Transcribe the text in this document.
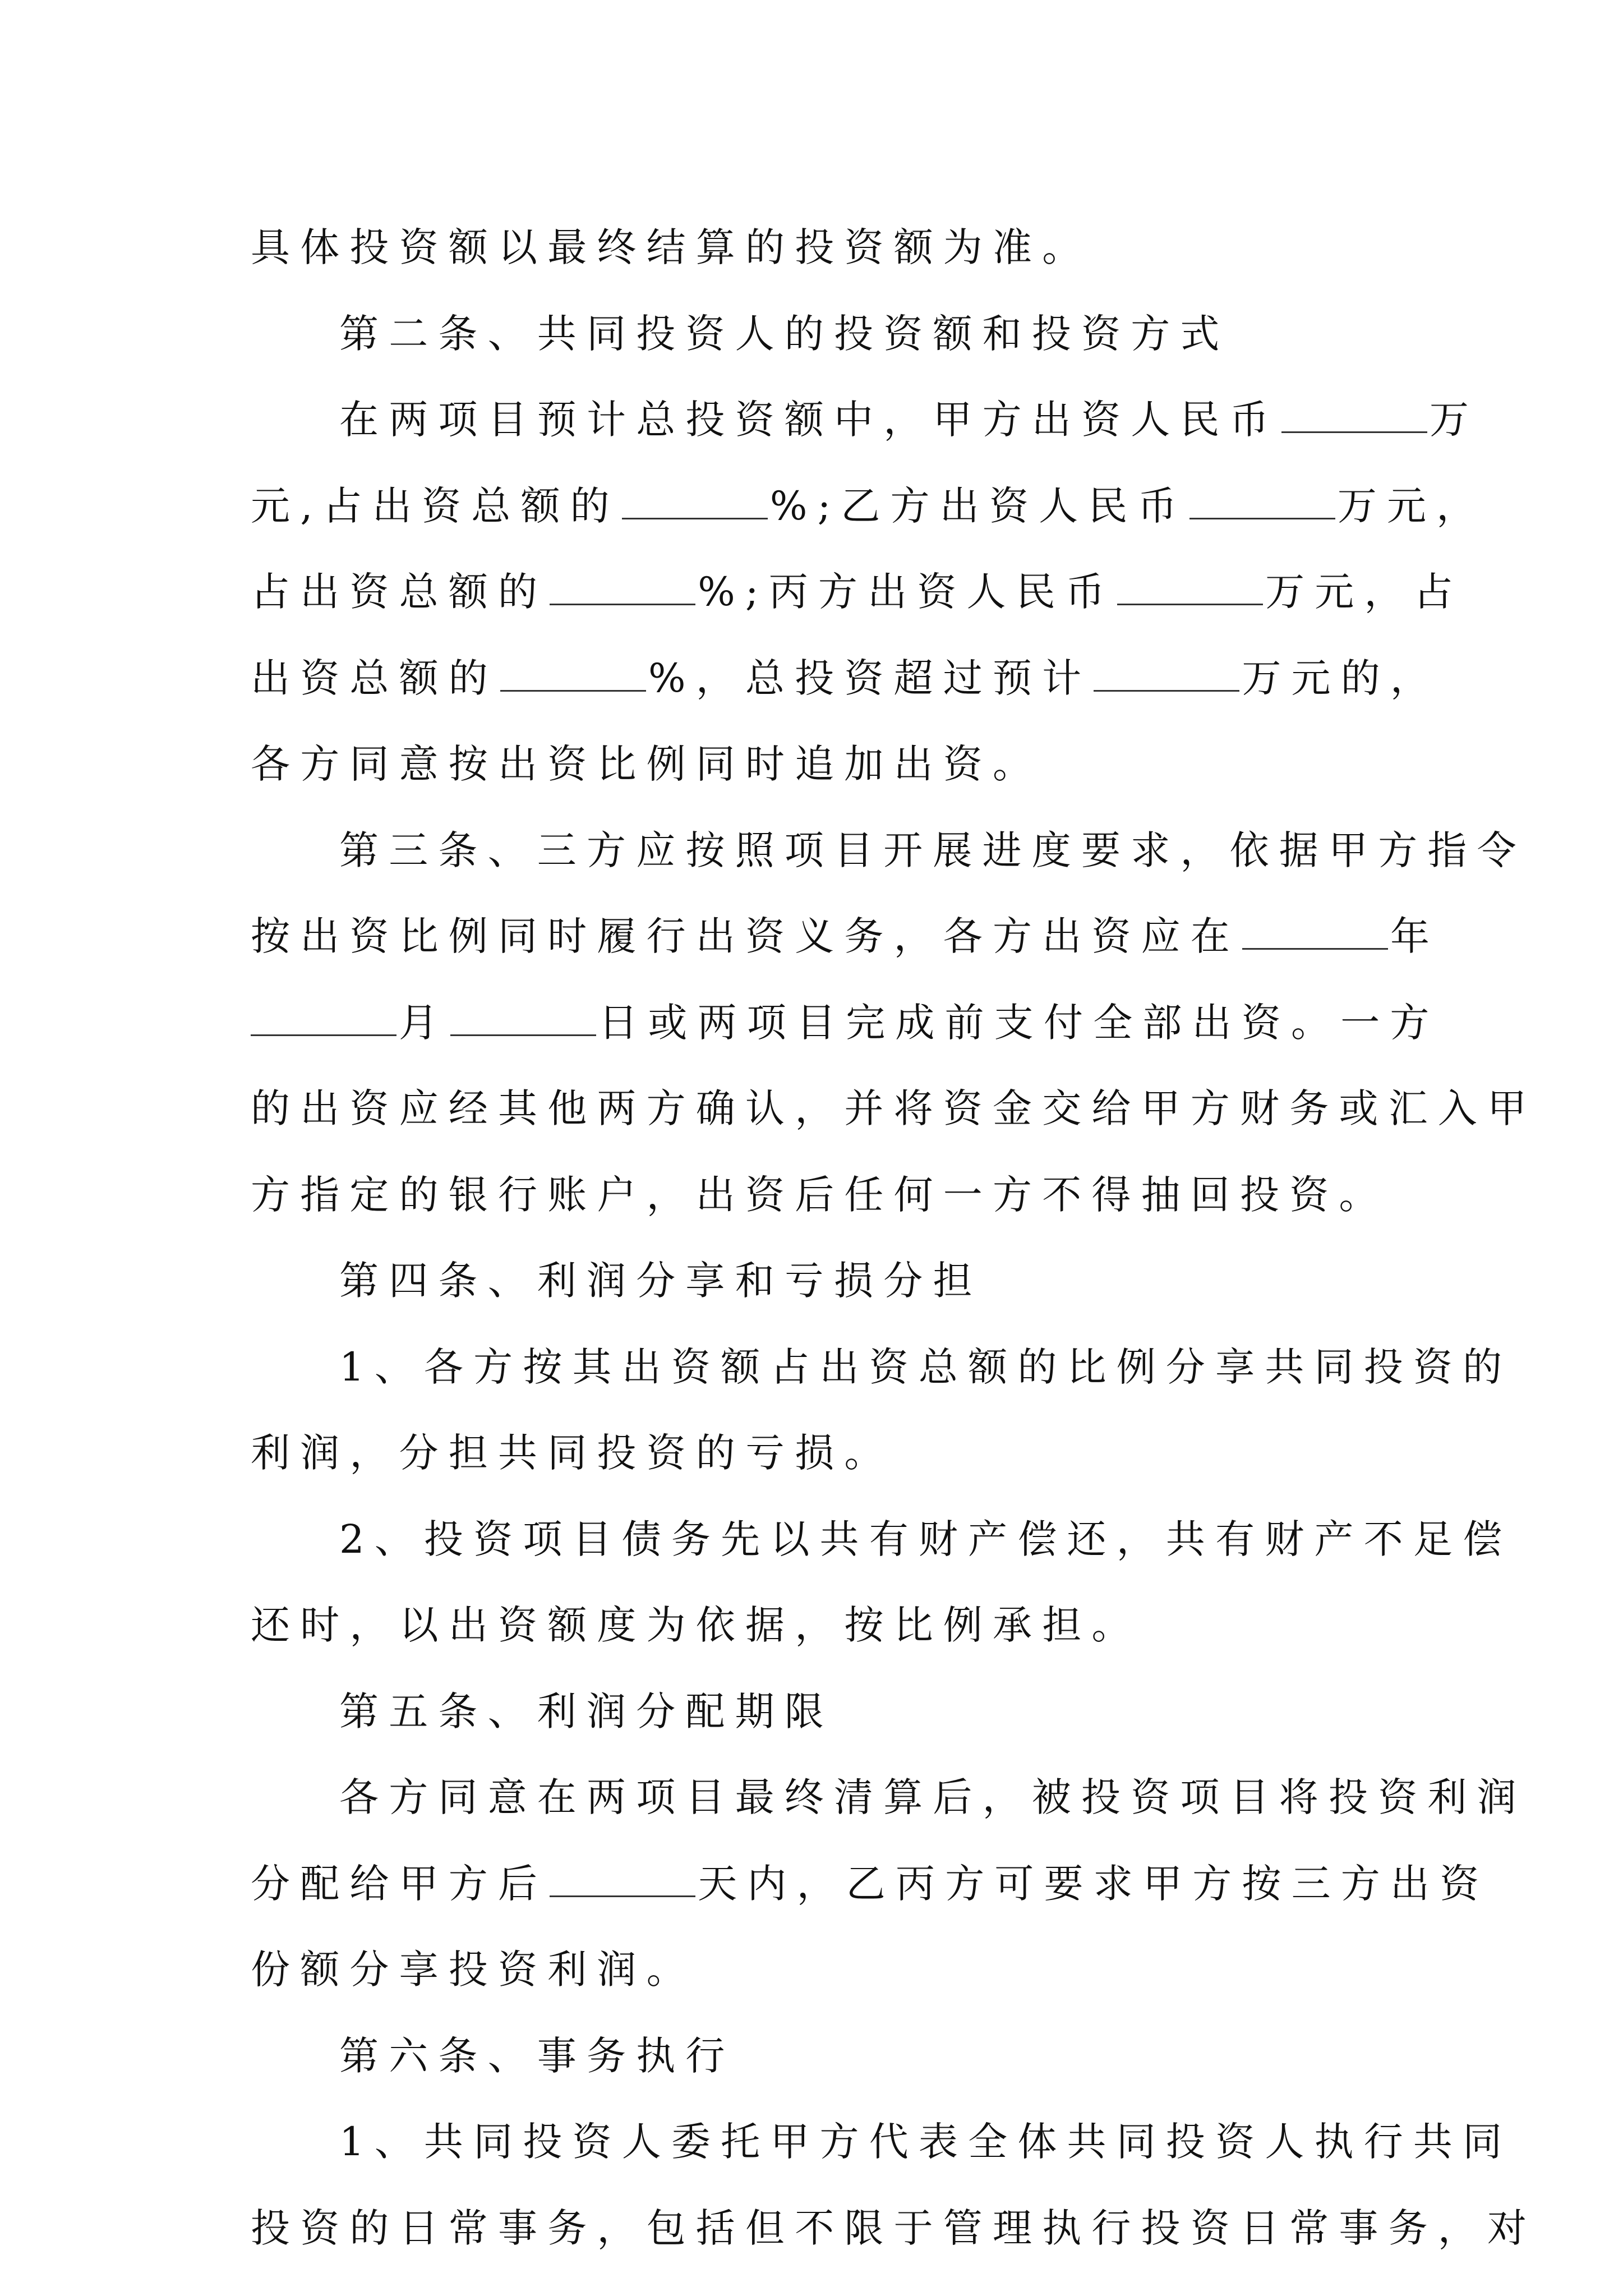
具体投资额以最终结算的投资额为准。
第二条、共同投资人的投资额和投资方式
在两项目预计总投资额中，甲方出资人民币	万
元,占出资总额的	%;乙方出资人民币	万元，
占出资总额的	%;丙方出资人民币	万元，占
出资总额的	%，总投资超过预计	万元的，
各方同意按出资比例同时追加出资。
第三条、三方应按照项目开展进度要求，依据甲方指令
按出资比例同时履行出资义务，各方出资应在	年
月	日或两项目完成前支付全部出资。一方
的出资应经其他两方确认，并将资金交给甲方财务或汇入甲
方指定的银行账户，出资后任何一方不得抽回投资。
第四条、利润分享和亏损分担
1、各方按其出资额占出资总额的比例分享共同投资的
利润，分担共同投资的亏损。
2、投资项目债务先以共有财产偿还，共有财产不足偿
还时，以出资额度为依据，按比例承担。
第五条、利润分配期限
各方同意在两项目最终清算后，被投资项目将投资利润
分配给甲方后	天内，乙丙方可要求甲方按三方出资
份额分享投资利润。
第六条、事务执行
1、共同投资人委托甲方代表全体共同投资人执行共同
投资的日常事务，包括但不限于管理执行投资日常事务，对
